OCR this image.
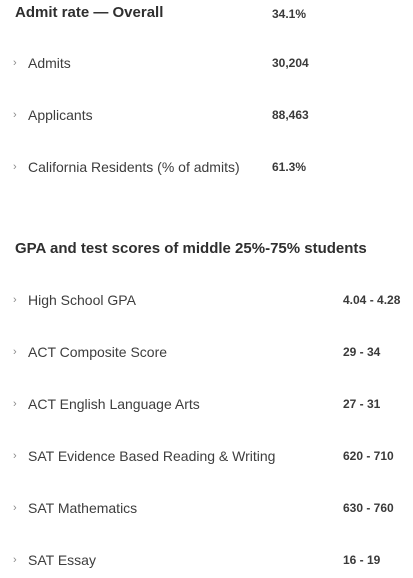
Admit rate — Overall	34.1%
› Admits	30,204
› Applicants	88,463
› California Residents (% of admits)	61.3%
GPA and test scores of middle 25%-75% students
› High School GPA	4.04 - 4.28
› ACT Composite Score	29 - 34
› ACT English Language Arts	27 - 31
› SAT Evidence Based Reading & Writing	620 - 710
› SAT Mathematics	630 - 760
› SAT Essay	16 - 19
